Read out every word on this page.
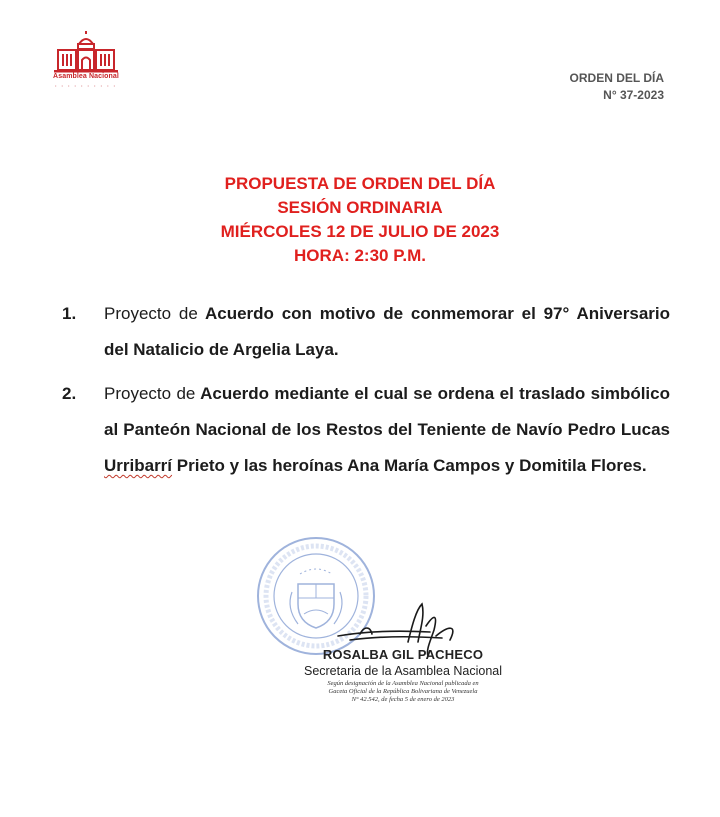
Asamblea Nacional
• • • • • • • • • •
ORDEN DEL DÍA
N° 37-2023
PROPUESTA DE ORDEN DEL DÍA
SESIÓN ORDINARIA
MIÉRCOLES 12 DE JULIO DE 2023
HORA: 2:30 P.M.
1.	Proyecto de Acuerdo con motivo de conmemorar el 97° Aniversario del Natalicio de Argelia Laya.
2.	Proyecto de Acuerdo mediante el cual se ordena el traslado simbólico al Panteón Nacional de los Restos del Teniente de Navío Pedro Lucas Urribarrí Prieto y las heroínas Ana María Campos y Domitila Flores.
ROSALBA GIL PACHECO
Secretaria de la Asamblea Nacional
Según designación de la Asamblea Nacional publicada en
Gaceta Oficial de la República Bolivariana de Venezuela
N° 42.542, de fecha 5 de enero de 2023
